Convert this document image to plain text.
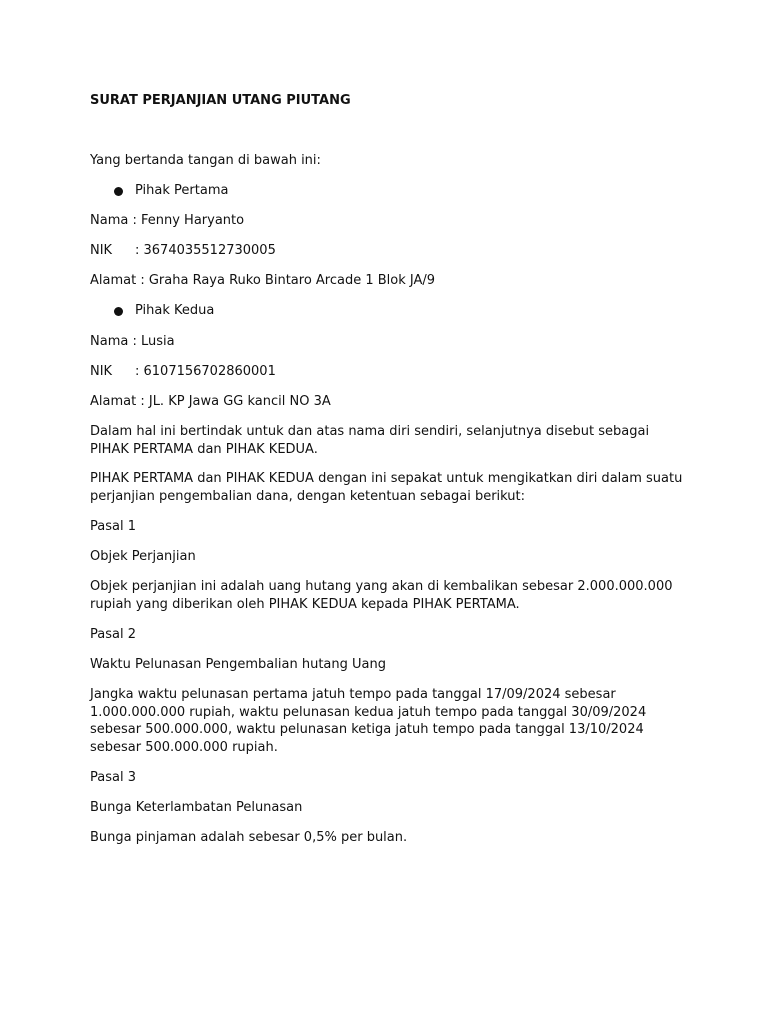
SURAT PERJANJIAN UTANG PIUTANG
Yang bertanda tangan di bawah ini:
Pihak Pertama
Nama : Fenny Haryanto
NIK : 3674035512730005
Alamat : Graha Raya Ruko Bintaro Arcade 1 Blok JA/9
Pihak Kedua
Nama : Lusia
NIK : 6107156702860001
Alamat : JL. KP Jawa GG kancil NO 3A
Dalam hal ini bertindak untuk dan atas nama diri sendiri, selanjutnya disebut sebagai PIHAK PERTAMA dan PIHAK KEDUA.
PIHAK PERTAMA dan PIHAK KEDUA dengan ini sepakat untuk mengikatkan diri dalam suatu perjanjian pengembalian dana, dengan ketentuan sebagai berikut:
Pasal 1
Objek Perjanjian
Objek perjanjian ini adalah uang hutang yang akan di kembalikan sebesar 2.000.000.000 rupiah yang diberikan oleh PIHAK KEDUA kepada PIHAK PERTAMA.
Pasal 2
Waktu Pelunasan Pengembalian hutang Uang
Jangka waktu pelunasan pertama jatuh tempo pada tanggal 17/09/2024 sebesar 1.000.000.000 rupiah, waktu pelunasan kedua jatuh tempo pada tanggal 30/09/2024 sebesar 500.000.000, waktu pelunasan ketiga jatuh tempo pada tanggal 13/10/2024 sebesar 500.000.000 rupiah.
Pasal 3
Bunga Keterlambatan Pelunasan
Bunga pinjaman adalah sebesar 0,5% per bulan.
